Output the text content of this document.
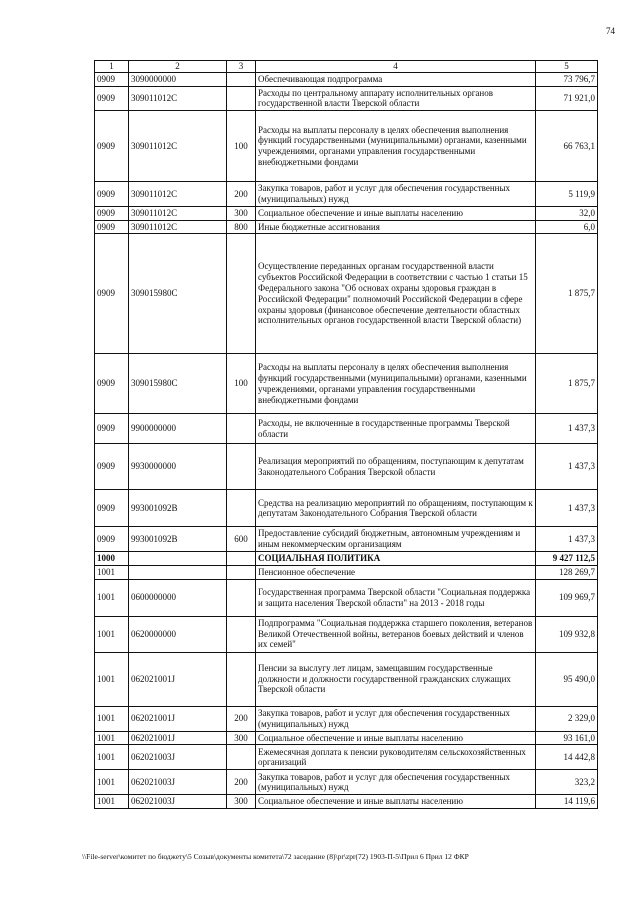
74
1	2	3	4	5
0909	3090000000		Обеспечивающая подпрограмма	73 796,7
0909	309011012C		Расходы по центральному аппарату исполнительных органов государственной власти Тверской области	71 921,0
0909	309011012C	100	Расходы на выплаты персоналу в целях обеспечения выполнения функций государственными (муниципальными) органами, казенными учреждениями, органами управления государственными внебюджетными фондами	66 763,1
0909	309011012C	200	Закупка товаров, работ и услуг для обеспечения государственных (муниципальных) нужд	5 119,9
0909	309011012C	300	Социальное обеспечение и иные выплаты населению	32,0
0909	309011012C	800	Иные бюджетные ассигнования	6,0
0909	309015980C		Осуществление переданных органам государственной власти субъектов Российской Федерации в соответствии с частью 1 статьи 15 Федерального закона "Об основах охраны здоровья граждан в Российской Федерации" полномочий Российской Федерации в сфере охраны здоровья (финансовое обеспечение деятельности областных исполнительных органов государственной власти Тверской области)	1 875,7
0909	309015980C	100	Расходы на выплаты персоналу в целях обеспечения выполнения функций государственными (муниципальными) органами, казенными учреждениями, органами управления государственными внебюджетными фондами	1 875,7
0909	9900000000		Расходы, не включенные в государственные программы Тверской области	1 437,3
0909	9930000000		Реализация мероприятий по обращениям, поступающим к депутатам Законодательного Собрания Тверской области	1 437,3
0909	993001092B		Средства на реализацию мероприятий по обращениям, поступающим к депутатам Законодательного Собрания Тверской области	1 437,3
0909	993001092B	600	Предоставление субсидий бюджетным, автономным учреждениям и иным некоммерческим организациям	1 437,3
1000			СОЦИАЛЬНАЯ ПОЛИТИКА	9 427 112,5
1001			Пенсионное обеспечение	128 269,7
1001	0600000000		Государственная программа Тверской области "Социальная поддержка и защита населения Тверской области" на 2013 - 2018 годы	109 969,7
1001	0620000000		Подпрограмма "Социальная поддержка старшего поколения, ветеранов Великой Отечественной войны, ветеранов боевых действий и членов их семей"	109 932,8
1001	062021001J		Пенсии за выслугу лет лицам, замещавшим государственные должности и должности государственной гражданских служащих Тверской области	95 490,0
1001	062021001J	200	Закупка товаров, работ и услуг для обеспечения государственных (муниципальных) нужд	2 329,0
1001	062021001J	300	Социальное обеспечение и иные выплаты населению	93 161,0
1001	062021003J		Ежемесячная доплата к пенсии руководителям сельскохозяйственных организаций	14 442,8
1001	062021003J	200	Закупка товаров, работ и услуг для обеспечения государственных (муниципальных) нужд	323,2
1001	062021003J	300	Социальное обеспечение и иные выплаты населению	14 119,6
\\File-server\комитет по бюджету\5 Созыв\документы комитета\72 заседание (8)\pr\zpr(72) 1903-П-5\Прил 6 Прил 12 ФКР
